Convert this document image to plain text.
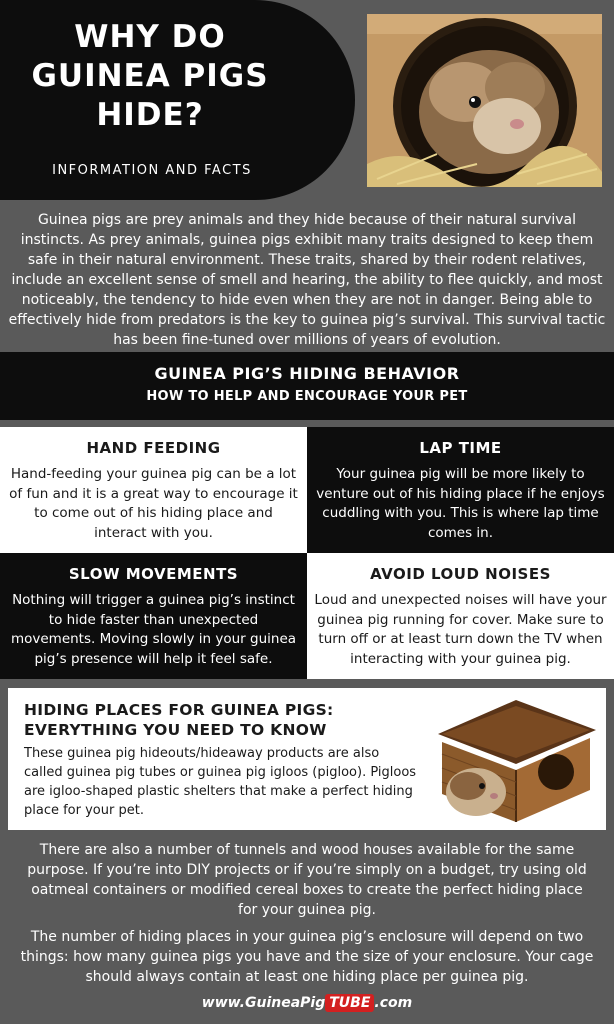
WHY DO
GUINEA PIGS
HIDE?
INFORMATION AND FACTS

Guinea pigs are prey animals and they hide because of their natural survival instincts. As prey animals, guinea pigs exhibit many traits designed to keep them safe in their natural environment. These traits, shared by their rodent relatives, include an excellent sense of smell and hearing, the ability to flee quickly, and most noticeably, the tendency to hide even when they are not in danger. Being able to effectively hide from predators is the key to guinea pig’s survival. This survival tactic has been fine-tuned over millions of years of evolution.

GUINEA PIG’S HIDING BEHAVIOR
HOW TO HELP AND ENCOURAGE YOUR PET
HAND FEEDING

Hand-feeding your guinea pig can be a lot of fun and it is a great way to encourage it to come out of his hiding place and interact with you.

LAP TIME

Your guinea pig will be more likely to venture out of his hiding place if he enjoys cuddling with you. This is where lap time comes in.

SLOW MOVEMENTS

Nothing will trigger a guinea pig’s instinct to hide faster than unexpected movements. Moving slowly in your guinea pig’s presence will help it feel safe.

AVOID LOUD NOISES

Loud and unexpected noises will have your guinea pig running for cover. Make sure to turn off or at least turn down the TV when interacting with your guinea pig.

HIDING PLACES FOR GUINEA PIGS:
EVERYTHING YOU NEED TO KNOW

These guinea pig hideouts/hideaway products are also called guinea pig tubes or guinea pig igloos (pigloo). Pigloos are igloo-shaped plastic shelters that make a perfect hiding place for your pet.

There are also a number of tunnels and wood houses available for the same purpose. If you’re into DIY projects or if you’re simply on a budget, try using old oatmeal containers or modified cereal boxes to create the perfect hiding place for your guinea pig.

The number of hiding places in your guinea pig’s enclosure will depend on two things: how many guinea pigs you have and the size of your enclosure. Your cage should always contain at least one hiding place per guinea pig.

www.GuineaPig TUBE .com
